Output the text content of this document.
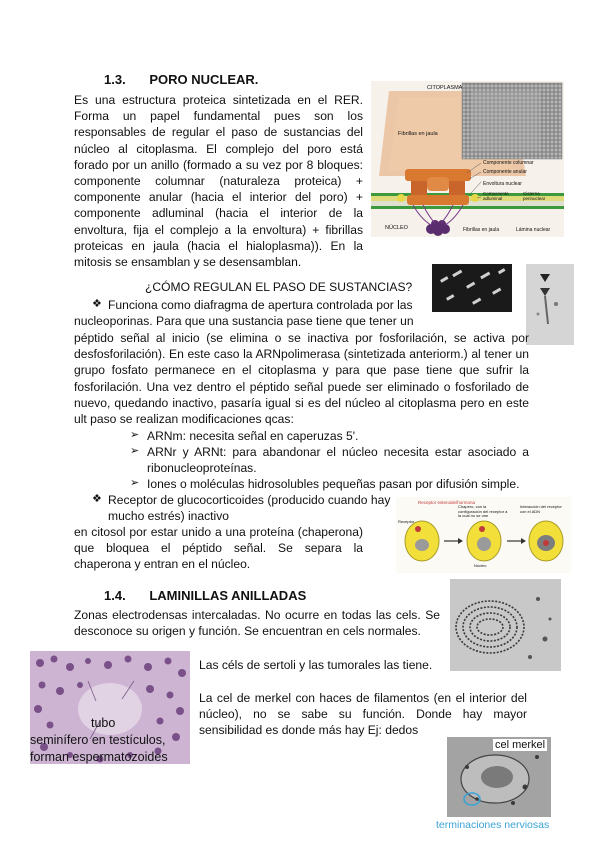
1.3. PORO NUCLEAR.
Es una estructura proteica sintetizada en el RER. Forma un papel fundamental pues son los responsables de regular el paso de sustancias del núcleo al citoplasma. El complejo del poro está forado por un anillo (formado a su vez por 8 bloques: componente columnar (naturaleza proteica) + componente anular (hacia el interior del poro) + componente adluminal (hacia el interior de la envoltura, fija el complejo a la envoltura) + fibrillas proteicas en jaula (hacia el hialoplasma)). En la mitosis se ensamblan y se desensamblan.
CITOPLASMA
Fibrillas en jaula
Componente columnar
Componente anular
Envoltura nuclear
Componente adluminal
Cisterna perinuclear
NÚCLEO	Fibrillas en jaula	Lámina nuclear
¿CÓMO REGULAN EL PASO DE SUSTANCIAS?
❖ Funciona como diafragma de apertura controlada por las
nucleoporinas. Para que una sustancia pase tiene que tener un
péptido señal al inicio (se elimina o se inactiva por fosforilación, se activa por desfosforilación). En este caso la ARNpolimerasa (sintetizada anteriorm.) al tener un grupo fosfato permanece en el citoplasma y para que pase tiene que sufrir la fosforilación. Una vez dentro el péptido señal puede ser eliminado o fosforilado de nuevo, quedando inactivo, pasaría igual si es del núcleo al citoplasma pero en este ult paso se realizan modificaciones qcas:
➢ ARNm: necesita señal en caperuzas 5'.
➢ ARNr y ARNt: para abandonar el núcleo necesita estar asociado a ribonucleoproteínas.
➢ Iones o moléculas hidrosolubles pequeñas pasan por difusión simple.
❖ Receptor de glucocorticoides (producido cuando hay
mucho estrés) inactivo
en citosol por estar unido a una proteína (chaperona) que bloquea el péptido señal. Se separa la chaperona y entran en el núcleo.
Receptor esteroide/hormona
Chapero, con la configuración del receptor a la cual no se une
Interacción del receptor con el ADN
Receptor
Núcleo
1.4. LAMINILLAS ANILLADAS
Zonas electrodensas intercaladas. No ocurre en todas las cels. Se desconoce su origen y función. Se encuentran en cels normales.
tubo
seminífero en testículos,
forman espermatozoides
Las céls de sertoli y las tumorales las tiene.
La cel de merkel con haces de filamentos (en el interior del núcleo), no se sabe su función. Donde hay mayor sensibilidad es donde más hay Ej: dedos
cel merkel
terminaciones nerviosas
